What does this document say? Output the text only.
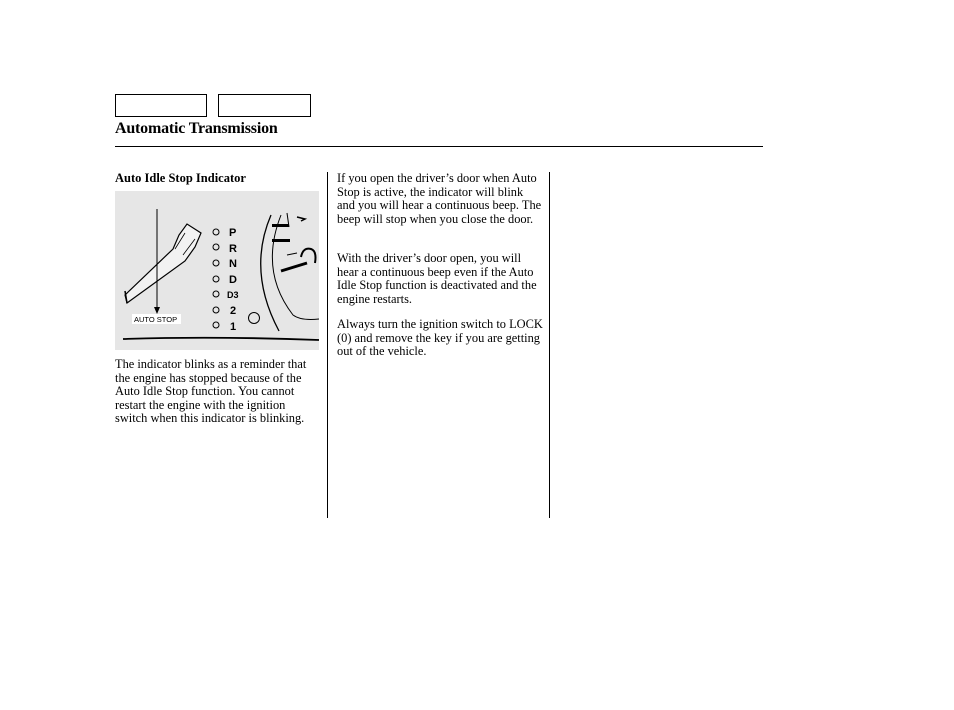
Automatic Transmission
Auto Idle Stop Indicator
AUTO STOP
P
R
N
D
D3
2
1

The indicator blinks as a reminder that the engine has stopped because of the Auto Idle Stop function. You cannot restart the engine with the ignition switch when this indicator is blinking.

If you open the driver’s door when Auto Stop is active, the indicator will blink and you will hear a continuous beep. The beep will stop when you close the door.

With the driver’s door open, you will hear a continuous beep even if the Auto Idle Stop function is deactivated and the engine restarts.

Always turn the ignition switch to LOCK (0) and remove the key if you are getting out of the vehicle.
